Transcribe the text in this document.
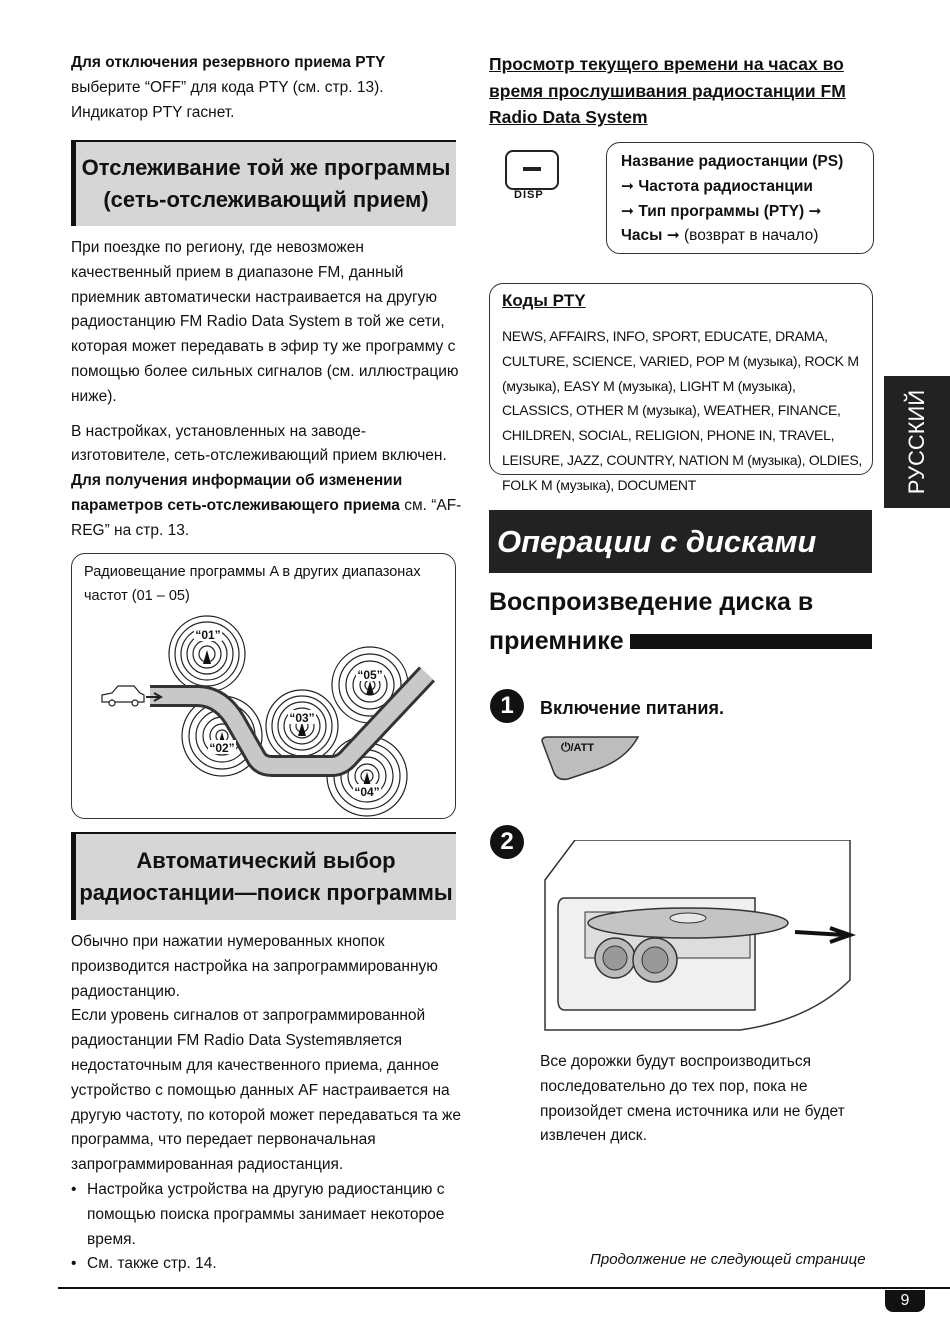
Для отключения резервного приема PTY

выберите “OFF” для кода PTY (см. стр. 13).

Индикатор PTY гаснет.

Отслеживание той же программы
(сеть-отслеживающий прием)

При поездке по региону, где невозможен качественный прием в диапазоне FM, данный приемник автоматически настраивается на другую радиостанцию FM Radio Data System в той же сети, которая может передавать в эфир ту же программу с помощью более сильных сигналов (см. иллюстрацию ниже).

В настройках, установленных на заводе-изготовителе, сеть-отслеживающий прием включен. Для получения информации об изменении параметров сеть-отслеживающего приема см. “AF-REG” на стр. 13.

Радиовещание программы A в других диапазонах
частот (01 – 05)
“01”
“02”
“03”
“04”
“05”
Автоматический выбор
радиостанции—поиск программы

Обычно при нажатии нумерованных кнопок производится настройка на запрограммированную радиостанцию.

Если уровень сигналов от запрограммированной радиостанции FM Radio Data Systemявляется недостаточным для качественного приема, данное устройство с помощью данных AF настраивается на другую частоту, по которой может передаваться та же программа, что передает первоначальная запрограммированная радиостанция.

• Настройка устройства на другую радиостанцию с помощью поиска программы занимает некоторое время.
• См. также стр. 14.
Просмотр текущего времени на часах во время прослушивания радиостанции FM Radio Data System
DISP
Название радиостанции (PS)
➞ Частота радиостанции
➞ Тип программы (PTY) ➞
Часы ➞ (возврат в начало)
Коды PTY
NEWS, AFFAIRS, INFO, SPORT, EDUCATE, DRAMA, CULTURE, SCIENCE, VARIED, POP M (музыка), ROCK M (музыка), EASY M (музыка), LIGHT M (музыка), CLASSICS, OTHER M (музыка), WEATHER, FINANCE, CHILDREN, SOCIAL, RELIGION, PHONE IN, TRAVEL, LEISURE, JAZZ, COUNTRY, NATION M (музыка), OLDIES, FOLK M (музыка), DOCUMENT
Операции с дисками
Воспроизведение диска в
приемнике
1	Включение питания.
⏻ /ATT
2
Все дорожки будут воспроизводиться последовательно до тех пор, пока не произойдет смена источника или не будет извлечен диск.
РУССКИЙ
Продолжение не следующей странице
9
